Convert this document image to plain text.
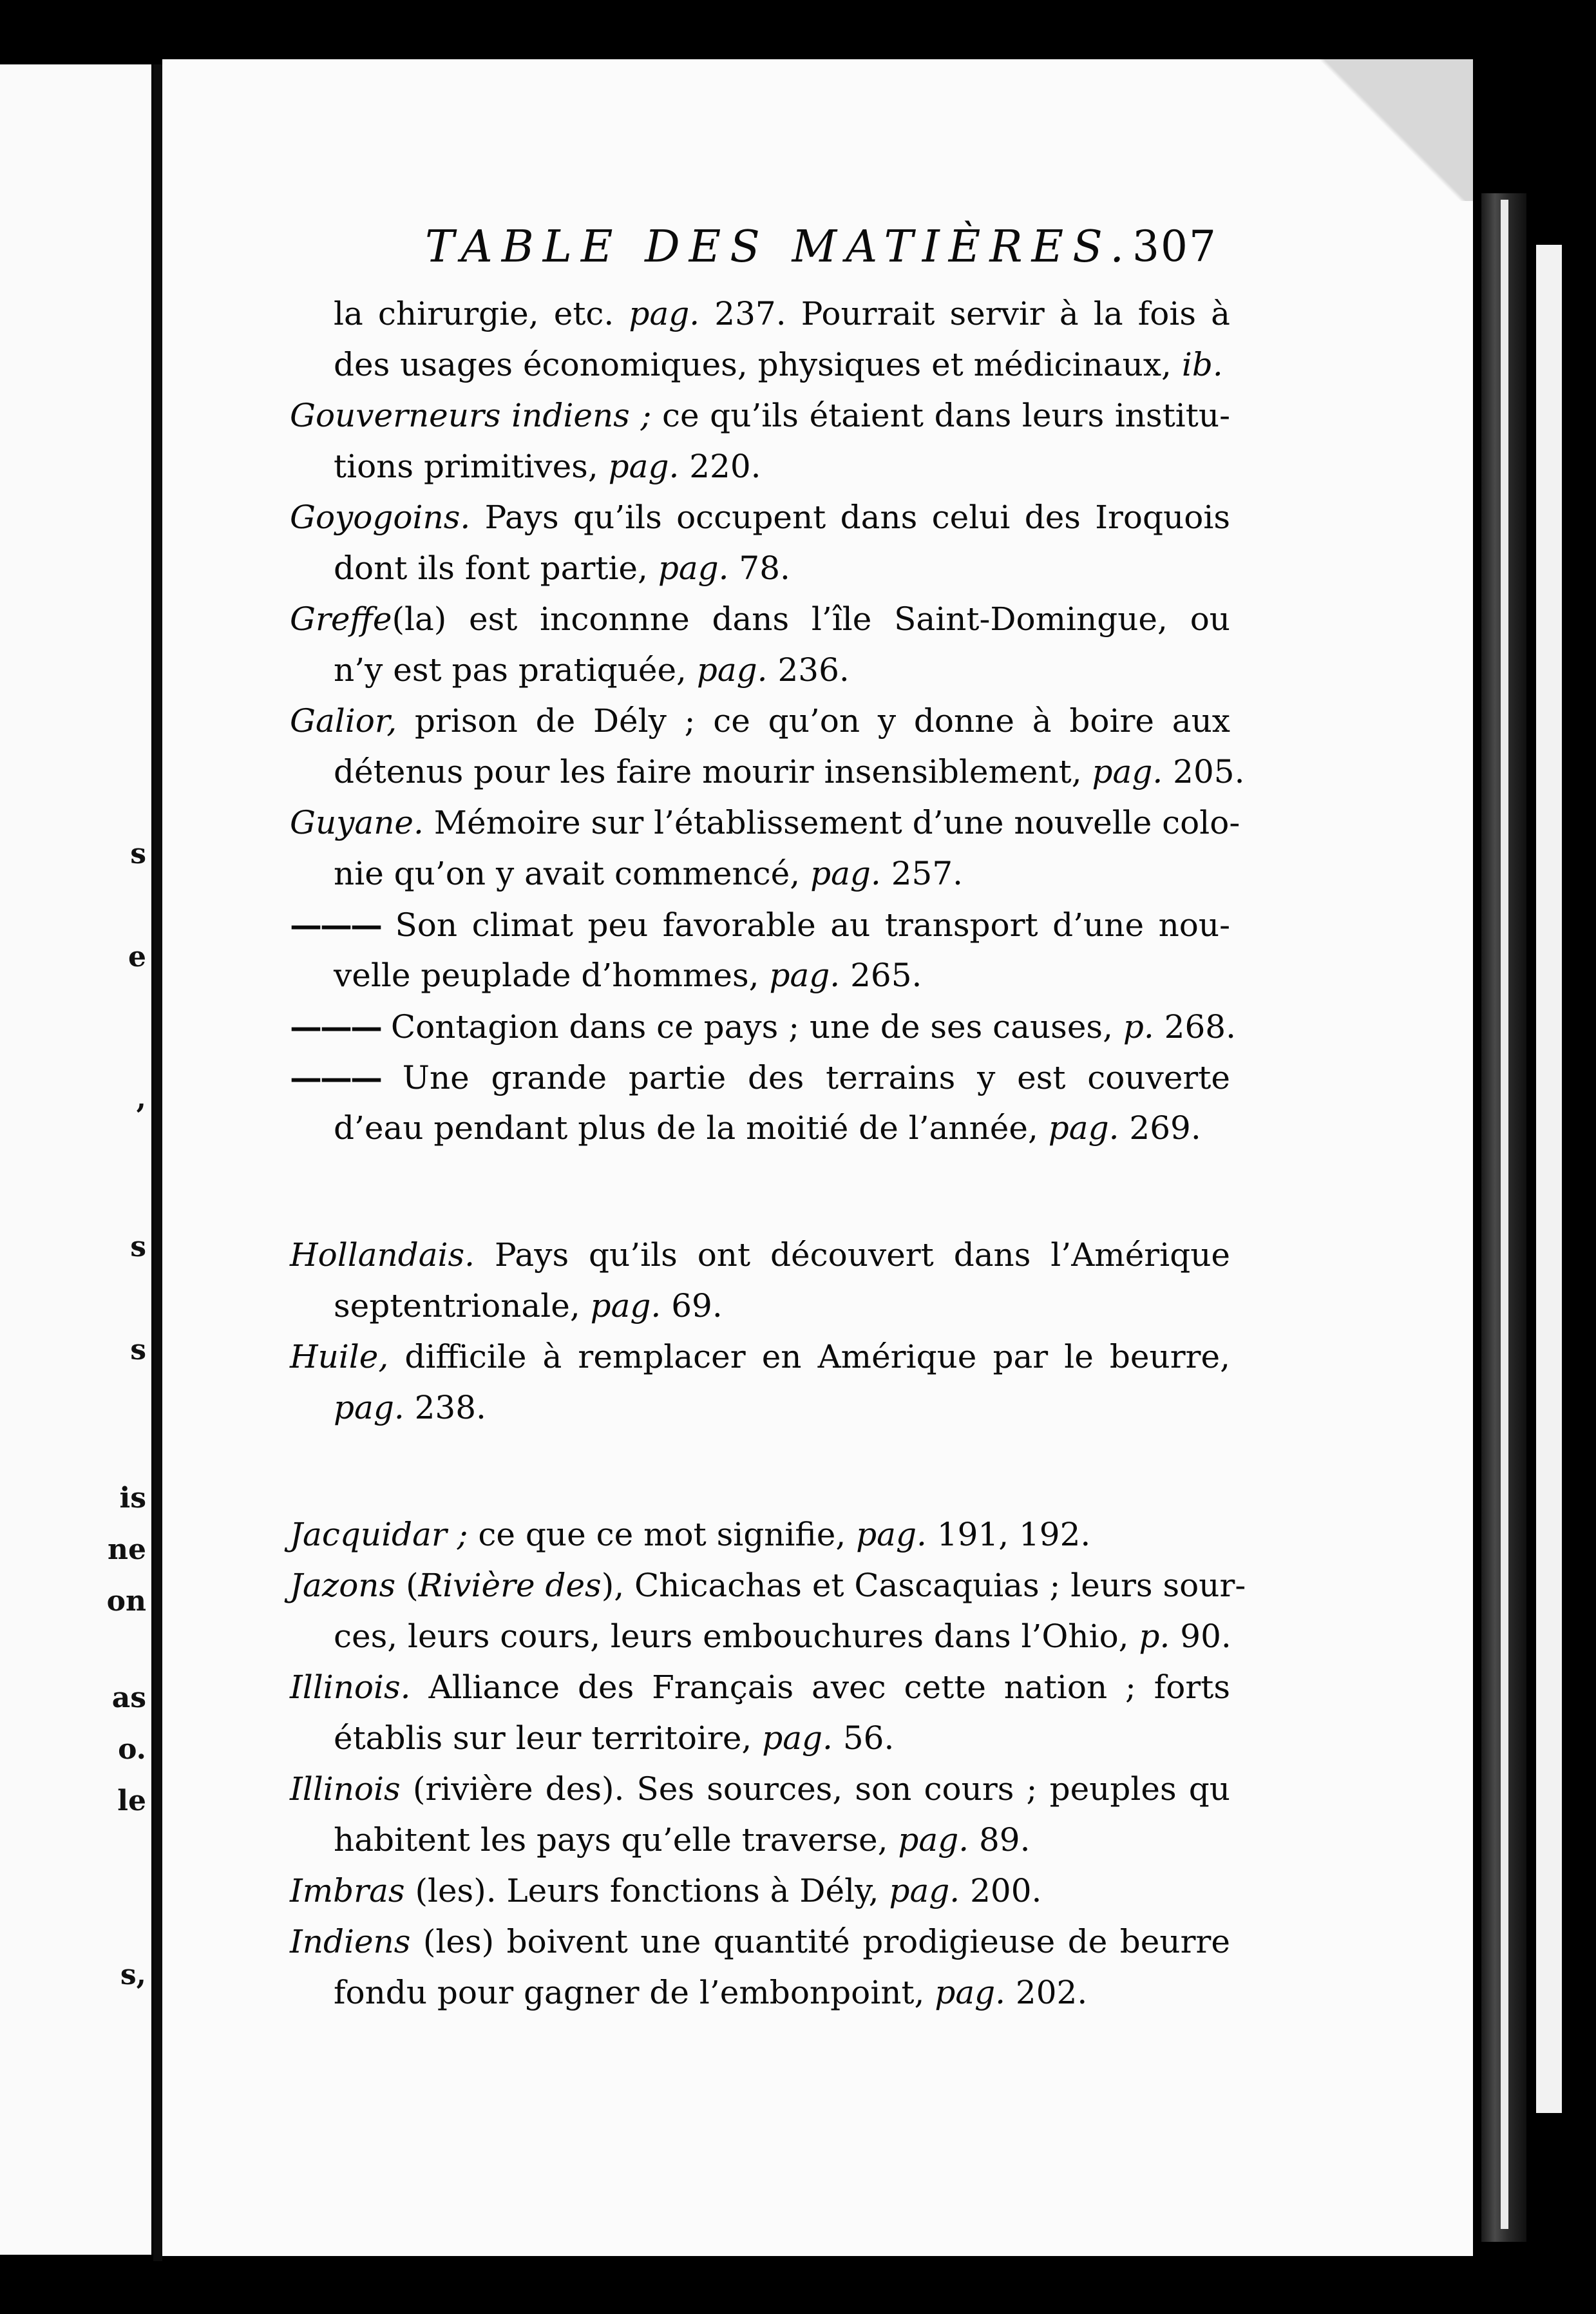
s
e
,
s
s
is
ne
on
as
o.
le
s,
TABLE DES MATIÈRES. 307
la chirurgie, etc. pag. 237. Pourrait servir à la fois à
des usages économiques, physiques et médicinaux, ib.
Gouverneurs indiens ; ce qu’ils étaient dans leurs institu-
tions primitives, pag. 220.
Goyogoins. Pays qu’ils occupent dans celui des Iroquois
dont ils font partie, pag. 78.
Greffe(la) est inconnne dans l’île Saint-Domingue, ou
n’y est pas pratiquée, pag. 236.
Galior, prison de Dély ; ce qu’on y donne à boire aux
détenus pour les faire mourir insensiblement, pag. 205.
Guyane. Mémoire sur l’établissement d’une nouvelle colo-
nie qu’on y avait commencé, pag. 257.
——— Son climat peu favorable au transport d’une nou-
velle peuplade d’hommes, pag. 265.
——— Contagion dans ce pays ; une de ses causes, p. 268.
——— Une grande partie des terrains y est couverte
d’eau pendant plus de la moitié de l’année, pag. 269.
Hollandais. Pays qu’ils ont découvert dans l’Amérique
septentrionale, pag. 69.
Huile, difficile à remplacer en Amérique par le beurre,
pag. 238.
Jacquidar ; ce que ce mot signifie, pag. 191, 192.
Jazons (Rivière des), Chicachas et Cascaquias ; leurs sour-
ces, leurs cours, leurs embouchures dans l’Ohio, p. 90.
Illinois. Alliance des Français avec cette nation ; forts
établis sur leur territoire, pag. 56.
Illinois (rivière des). Ses sources, son cours ; peuples qu
habitent les pays qu’elle traverse, pag. 89.
Imbras (les). Leurs fonctions à Dély, pag. 200.
Indiens (les) boivent une quantité prodigieuse de beurre
fondu pour gagner de l’embonpoint, pag. 202.
